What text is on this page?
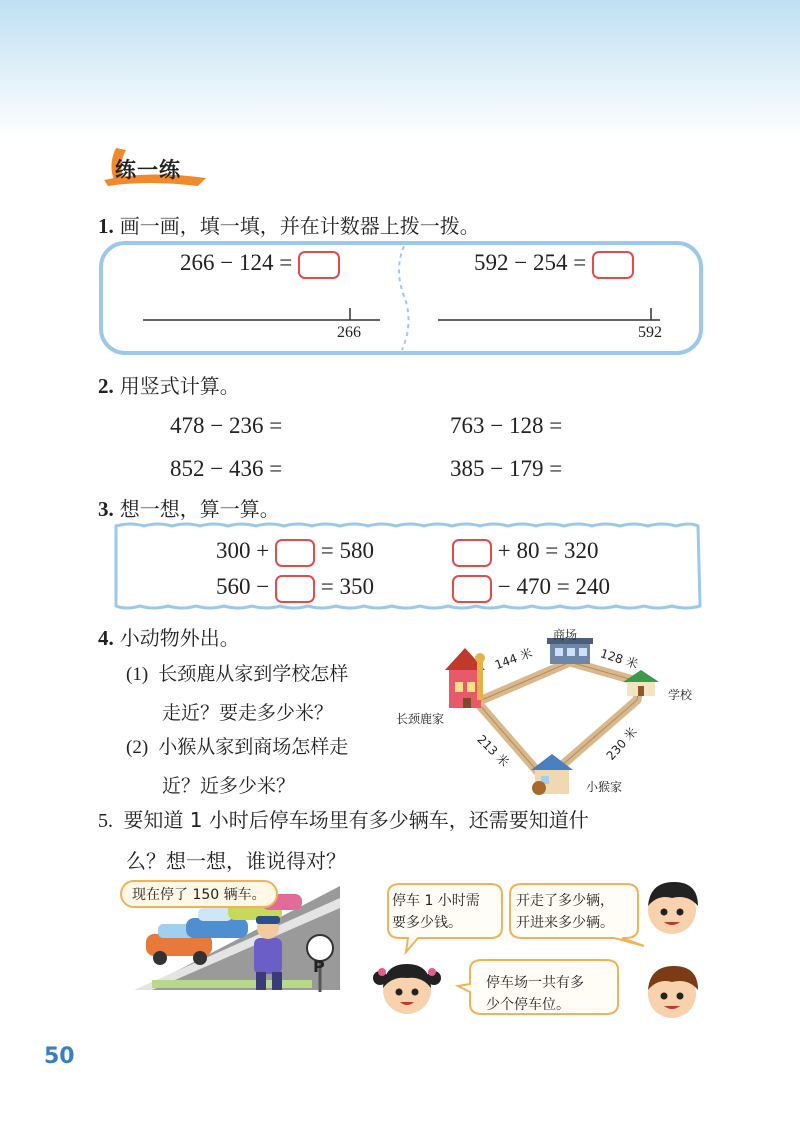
练一练
1. 画一画，填一填，并在计数器上拨一拨。
266 − 124 =	592 − 254 =
266	592
2. 用竖式计算。
478 − 236 =	763 − 128 =
852 − 436 =	385 − 179 =
3. 想一想，算一算。
300 + = 580	+ 80 = 320
560 − = 350	− 470 = 240
4. 小动物外出。
(1) 长颈鹿从家到学校怎样
走近？要走多少米？
(2) 小猴从家到商场怎样走
近？近多少米？
商场
学校
长颈鹿家
小猴家
144 米	128 米
213 米	230 米
5. 要知道 1 小时后停车场里有多少辆车，还需要知道什
么？想一想，谁说得对？
P
现在停了 150 辆车。	停车 1 小时需
要多少钱。
开走了多少辆，
开进来多少辆。
停车场一共有多
少个停车位。
50
